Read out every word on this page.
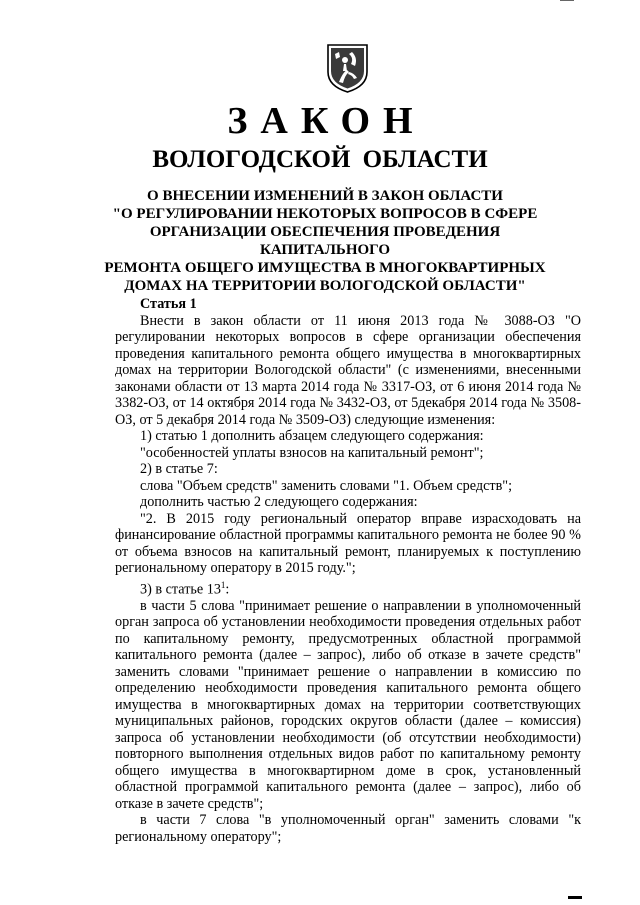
ЗАКОН
ВОЛОГОДСКОЙ ОБЛАСТИ
О ВНЕСЕНИИ ИЗМЕНЕНИЙ В ЗАКОН ОБЛАСТИ
"О РЕГУЛИРОВАНИИ НЕКОТОРЫХ ВОПРОСОВ В СФЕРЕ
ОРГАНИЗАЦИИ ОБЕСПЕЧЕНИЯ ПРОВЕДЕНИЯ КАПИТАЛЬНОГО
РЕМОНТА ОБЩЕГО ИМУЩЕСТВА В МНОГОКВАРТИРНЫХ
ДОМАХ НА ТЕРРИТОРИИ ВОЛОГОДСКОЙ ОБЛАСТИ"

Статья 1

Внести в закон области от 11 июня 2013 года № 3088-ОЗ "О регулировании некоторых вопросов в сфере организации обеспечения проведения капитального ремонта общего имущества в многоквартирных домах на территории Вологодской области" (с изменениями, внесенными законами области от 13 марта 2014 года № 3317-ОЗ, от 6 июня 2014 года № 3382-ОЗ, от 14 октября 2014 года № 3432-ОЗ, от 5декабря 2014 года № 3508-ОЗ, от 5 декабря 2014 года № 3509-ОЗ) следующие изменения:

1) статью 1 дополнить абзацем следующего содержания:

"особенностей уплаты взносов на капитальный ремонт";

2) в статье 7:

слова "Объем средств" заменить словами "1. Объем средств";

дополнить частью 2 следующего содержания:

"2. В 2015 году региональный оператор вправе израсходовать на финансирование областной программы капитального ремонта не более 90 % от объема взносов на капитальный ремонт, планируемых к поступлению региональному оператору в 2015 году.";

3) в статье $13^1$:

в части 5 слова "принимает решение о направлении в уполномоченный орган запроса об установлении необходимости проведения отдельных работ по капитальному ремонту, предусмотренных областной программой капитального ремонта (далее – запрос), либо об отказе в зачете средств" заменить словами "принимает решение о направлении в комиссию по определению необходимости проведения капитального ремонта общего имущества в многоквартирных домах на территории соответствующих муниципальных районов, городских округов области (далее – комиссия) запроса об установлении необходимости (об отсутствии необходимости) повторного выполнения отдельных видов работ по капитальному ремонту общего имущества в многоквартирном доме в срок, установленный областной программой капитального ремонта (далее – запрос), либо об отказе в зачете средств";

в части 7 слова "в уполномоченный орган" заменить словами "к региональному оператору";
